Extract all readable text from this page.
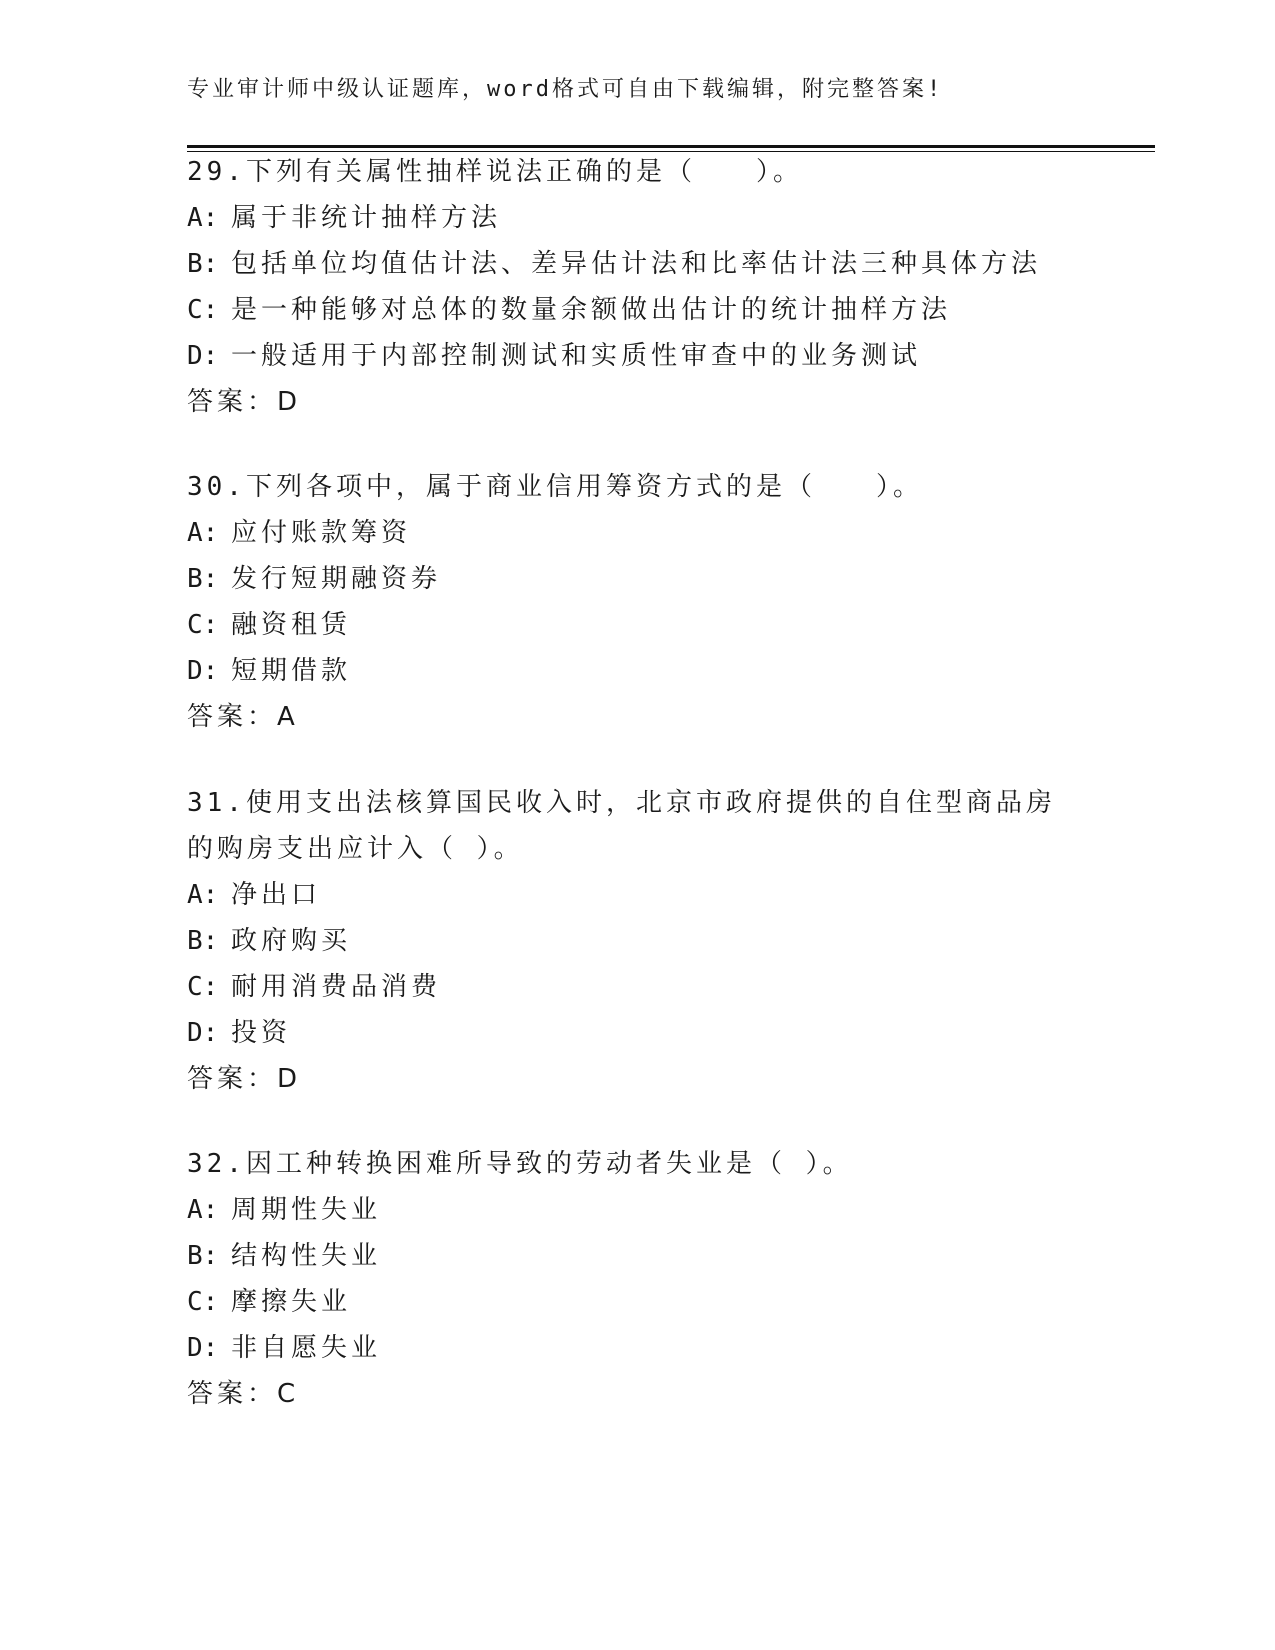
专业审计师中级认证题库，word格式可自由下载编辑，附完整答案!
29.下列有关属性抽样说法正确的是（　　）。
A: 属于非统计抽样方法
B: 包括单位均值估计法、差异估计法和比率估计法三种具体方法
C: 是一种能够对总体的数量余额做出估计的统计抽样方法
D: 一般适用于内部控制测试和实质性审查中的业务测试
答案：D
30.下列各项中，属于商业信用筹资方式的是（　　）。
A: 应付账款筹资
B: 发行短期融资券
C: 融资租赁
D: 短期借款
答案：A
31.使用支出法核算国民收入时，北京市政府提供的自住型商品房的购房支出应计入（ ）。
A: 净出口
B: 政府购买
C: 耐用消费品消费
D: 投资
答案：D
32.因工种转换困难所导致的劳动者失业是（ ）。
A: 周期性失业
B: 结构性失业
C: 摩擦失业
D: 非自愿失业
答案：C
